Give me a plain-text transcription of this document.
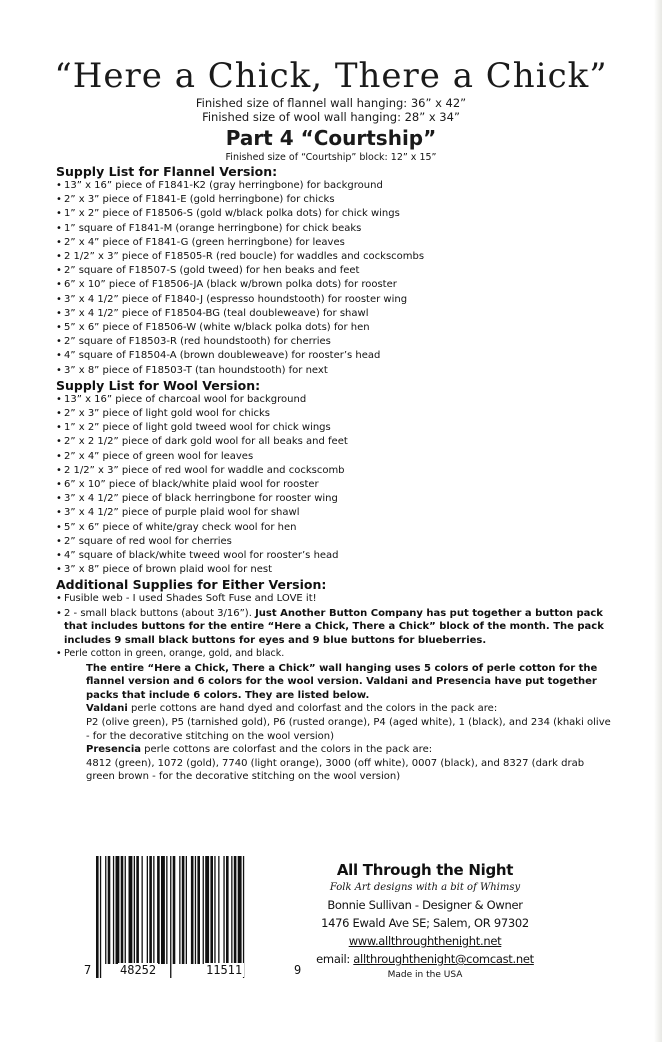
“Here a Chick, There a Chick”
Finished size of flannel wall hanging: 36” x 42”
Finished size of wool wall hanging: 28” x 34”
Part 4 “Courtship”
Finished size of “Courtship” block: 12” x 15”
Supply List for Flannel Version:
• 13” x 16” piece of F1841-K2 (gray herringbone) for background
• 2” x 3” piece of F1841-E (gold herringbone) for chicks
• 1” x 2” piece of F18506-S (gold w/black polka dots) for chick wings
• 1” square of F1841-M (orange herringbone) for chick beaks
• 2” x 4” piece of F1841-G (green herringbone) for leaves
• 2 1/2” x 3” piece of F18505-R (red boucle) for waddles and cockscombs
• 2” square of F18507-S (gold tweed) for hen beaks and feet
• 6” x 10” piece of F18506-JA (black w/brown polka dots) for rooster
• 3” x 4 1/2” piece of F1840-J (espresso houndstooth) for rooster wing
• 3” x 4 1/2” piece of F18504-BG (teal doubleweave) for shawl
• 5” x 6” piece of F18506-W (white w/black polka dots) for hen
• 2” square of F18503-R (red houndstooth) for cherries
• 4” square of F18504-A (brown doubleweave) for rooster’s head
• 3” x 8” piece of F18503-T (tan houndstooth) for next
Supply List for Wool Version:
• 13” x 16” piece of charcoal wool for background
• 2” x 3” piece of light gold wool for chicks
• 1” x 2” piece of light gold tweed wool for chick wings
• 2” x 2 1/2” piece of dark gold wool for all beaks and feet
• 2” x 4” piece of green wool for leaves
• 2 1/2” x 3” piece of red wool for waddle and cockscomb
• 6” x 10” piece of black/white plaid wool for rooster
• 3” x 4 1/2” piece of black herringbone for rooster wing
• 3” x 4 1/2” piece of purple plaid wool for shawl
• 5” x 6” piece of white/gray check wool for hen
• 2” square of red wool for cherries
• 4” square of black/white tweed wool for rooster’s head
• 3” x 8” piece of brown plaid wool for nest
Additional Supplies for Either Version:
• Fusible web - I used Shades Soft Fuse and LOVE it!
• 2 - small black buttons (about 3/16”). Just Another Button Company has put together a button pack that includes buttons for the entire “Here a Chick, There a Chick” block of the month. The pack includes 9 small black buttons for eyes and 9 blue buttons for blueberries.
• Perle cotton in green, orange, gold, and black.

The entire “Here a Chick, There a Chick” wall hanging uses 5 colors of perle cotton for the flannel version and 6 colors for the wool version. Valdani and Presencia have put together packs that include 6 colors. They are listed below.

Valdani perle cottons are hand dyed and colorfast and the colors in the pack are:

P2 (olive green), P5 (tarnished gold), P6 (rusted orange), P4 (aged white), 1 (black), and 234 (khaki olive - for the decorative stitching on the wool version)

Presencia perle cottons are colorfast and the colors in the pack are:

4812 (green), 1072 (gold), 7740 (light orange), 3000 (off white), 0007 (black), and 8327 (dark drab green brown - for the decorative stitching on the wool version)

7 48252	11511	9
All Through the Night
Folk Art designs with a bit of Whimsy
Bonnie Sullivan - Designer & Owner
1476 Ewald Ave SE; Salem, OR 97302
www.allthroughthenight.net
email: allthroughthenight@comcast.net
Made in the USA
